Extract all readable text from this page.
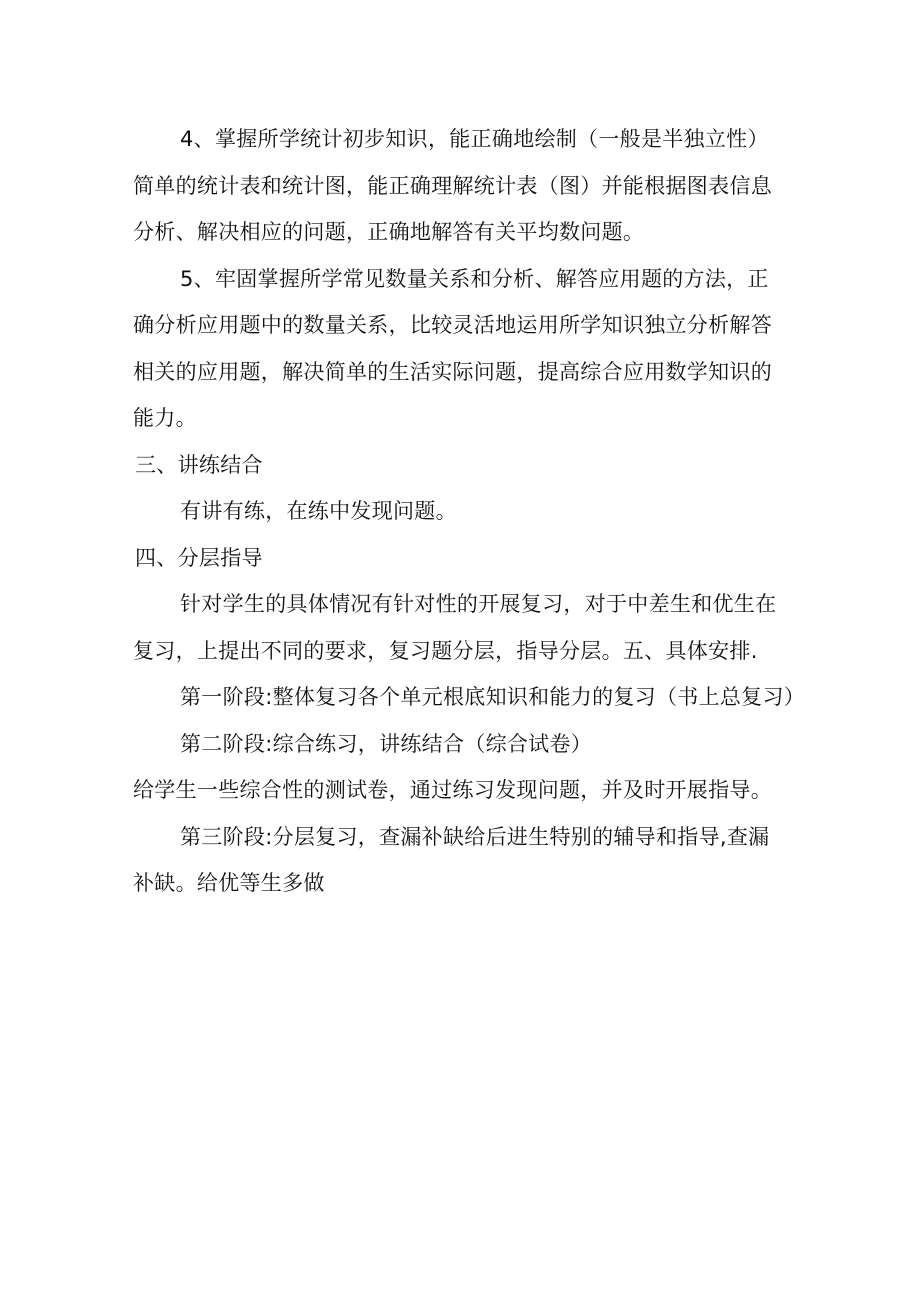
4、掌握所学统计初步知识，能正确地绘制（一般是半独立性）
简单的统计表和统计图，能正确理解统计表（图）并能根据图表信息
分析、解决相应的问题，正确地解答有关平均数问题。
5、牢固掌握所学常见数量关系和分析、解答应用题的方法，正
确分析应用题中的数量关系，比较灵活地运用所学知识独立分析解答
相关的应用题，解决简单的生活实际问题，提高综合应用数学知识的
能力。
三、讲练结合
有讲有练，在练中发现问题。
四、分层指导
针对学生的具体情况有针对性的开展复习，对于中差生和优生在
复习，上提出不同的要求，复习题分层，指导分层。五、具体安排.
第一阶段:整体复习各个单元根底知识和能力的复习（书上总复习）
第二阶段:综合练习，讲练结合（综合试卷）
给学生一些综合性的测试卷，通过练习发现问题，并及时开展指导。
第三阶段:分层复习，查漏补缺给后进生特别的辅导和指导,查漏
补缺。给优等生多做
